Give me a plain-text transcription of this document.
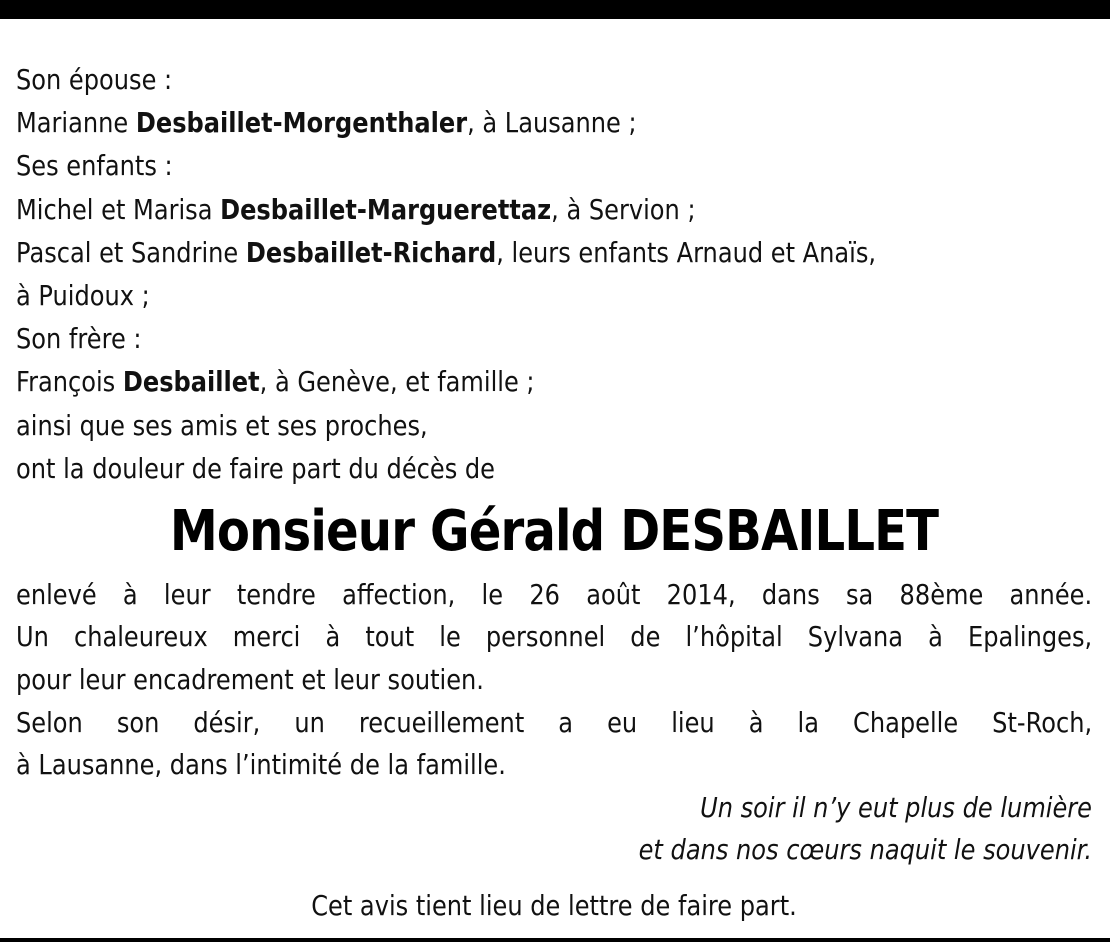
Son épouse :
Marianne Desbaillet-Morgenthaler, à Lausanne ;
Ses enfants :
Michel et Marisa Desbaillet-Marguerettaz, à Servion ;
Pascal et Sandrine Desbaillet-Richard, leurs enfants Arnaud et Anaïs,
à Puidoux ;
Son frère :
François Desbaillet, à Genève, et famille ;
ainsi que ses amis et ses proches,
ont la douleur de faire part du décès de
Monsieur Gérald DESBAILLET
enlevé à leur tendre affection, le 26 août 2014, dans sa 88ème année.
Un chaleureux merci à tout le personnel de l’hôpital Sylvana à Epalinges,
pour leur encadrement et leur soutien.
Selon son désir, un recueillement a eu lieu à la Chapelle St-Roch,
à Lausanne, dans l’intimité de la famille.
Un soir il n’y eut plus de lumière
et dans nos cœurs naquit le souvenir.
Cet avis tient lieu de lettre de faire part.
